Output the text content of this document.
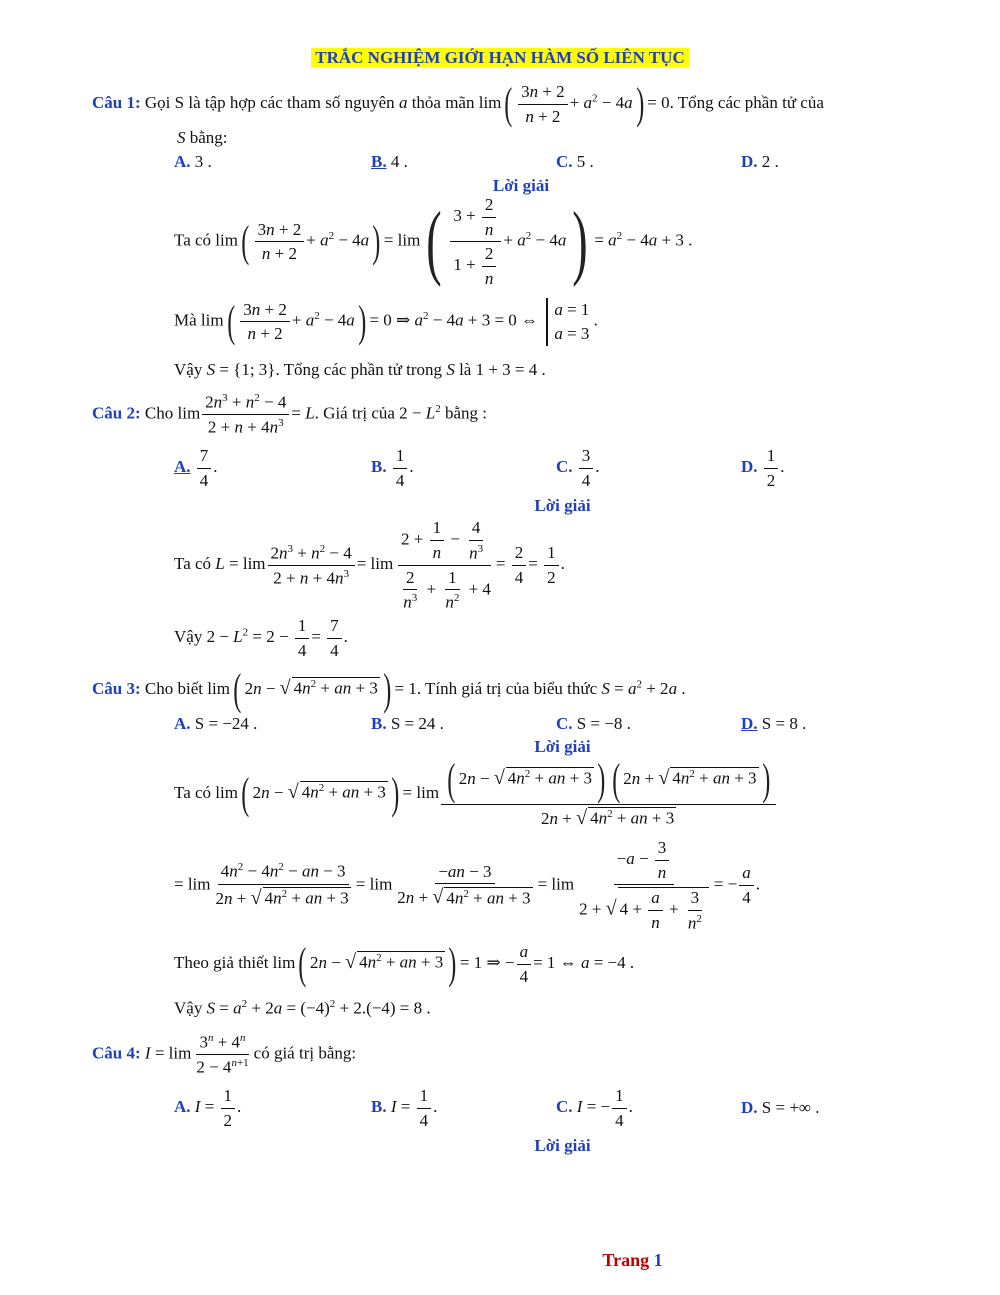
TRẮC NGHIỆM GIỚI HẠN HÀM SỐ LIÊN TỤC
Câu 1: Gọi S là tập hợp các tham số nguyên a thỏa mãn $\lim( \frac{3n + 2}{n + 2} + a^2 - 4a) = 0$. Tổng các phần tử của
S bằng:
A. 3 .	B. 4 .	C. 5 .	D. 2 .
Lời giải
Ta có $\lim( \frac{3n + 2}{n + 2} + a^2 - 4a) = \lim( \frac{3 + \frac{2}{n}}{1 + \frac{2}{n}} + a^2 - 4a) = a^2 - 4a + 3$ .
Mà $\lim( \frac{3n + 2}{n + 2} + a^2 - 4a) = 0$ ⇒ $a^2 - 4a + 3 = 0$ ⇔
a = 1
a = 3
.
Vậy S = {1; 3}. Tổng các phần tử trong S là 1 + 3 = 4 .
Câu 2: Cho $\lim \frac{2n^3 + n^2 - 4}{2 + n + 4n^3} = L$. Giá trị của $2 - L^2$ bằng :
A. $\frac{7}{4}$ .	B. $\frac{1}{4}$ .	C. $\frac{3}{4}$ .	D. $\frac{1}{2}$ .
Lời giải
Ta có $L = \lim \frac{2n^3 + n^2 - 4}{2 + n + 4n^3} = \lim \frac{2 + \frac{1}{n} - \frac{4}{n^3}}{\frac{2}{n^3} + \frac{1}{n^2} + 4} = \frac{2}{4} = \frac{1}{2}$ .
Vậy $2 - L^2 = 2 - \frac{1}{4} = \frac{7}{4}$ .
Câu 3: Cho biết lim( 2n − √ $4n^2$ + an + 3 ) = 1. Tính giá trị của biểu thức $S = a^2 + 2a$ .
A. S = −24 .	B. S = 24 .	C. S = −8 .	D. S = 8 .
Lời giải
Ta có lim( 2n − √ $4n^2$ + an + 3 ) = $\lim \frac{( 2n - √ 4n^2 + an + 3 ) ( 2n + √ 4n^2 + an + 3 )}{2n + √ 4n^2 + an + 3}$
= $\lim \frac{4n^2 - 4n^2 - an - 3}{2n + √ 4n^2 + an + 3} = \lim \frac{-an - 3}{2n + √ 4n^2 + an + 3} = \lim \frac{-a - \frac{3}{n}}{2 + √ 4 + \frac{a}{n} + \frac{3}{n^2}}$ = − $\frac{a}{4}$ .
Theo giả thiết lim( 2n − √ $4n^2$ + an + 3 ) = 1 ⇒ − $\frac{a}{4} = 1$ ⇔ a = −4 .
Vậy $S = a^2 + 2a = (-4)^2 + 2.(-4) = 8$ .
Câu 4: $I = \lim \frac{3^n + 4^n}{2 - 4^{n+1}}$ có giá trị bằng:
A. $I = \frac{1}{2}$ .	B. $I = \frac{1}{4}$ .	C. I = − $\frac{1}{4}$ .	D. S = +∞ .
Lời giải
Trang 1
